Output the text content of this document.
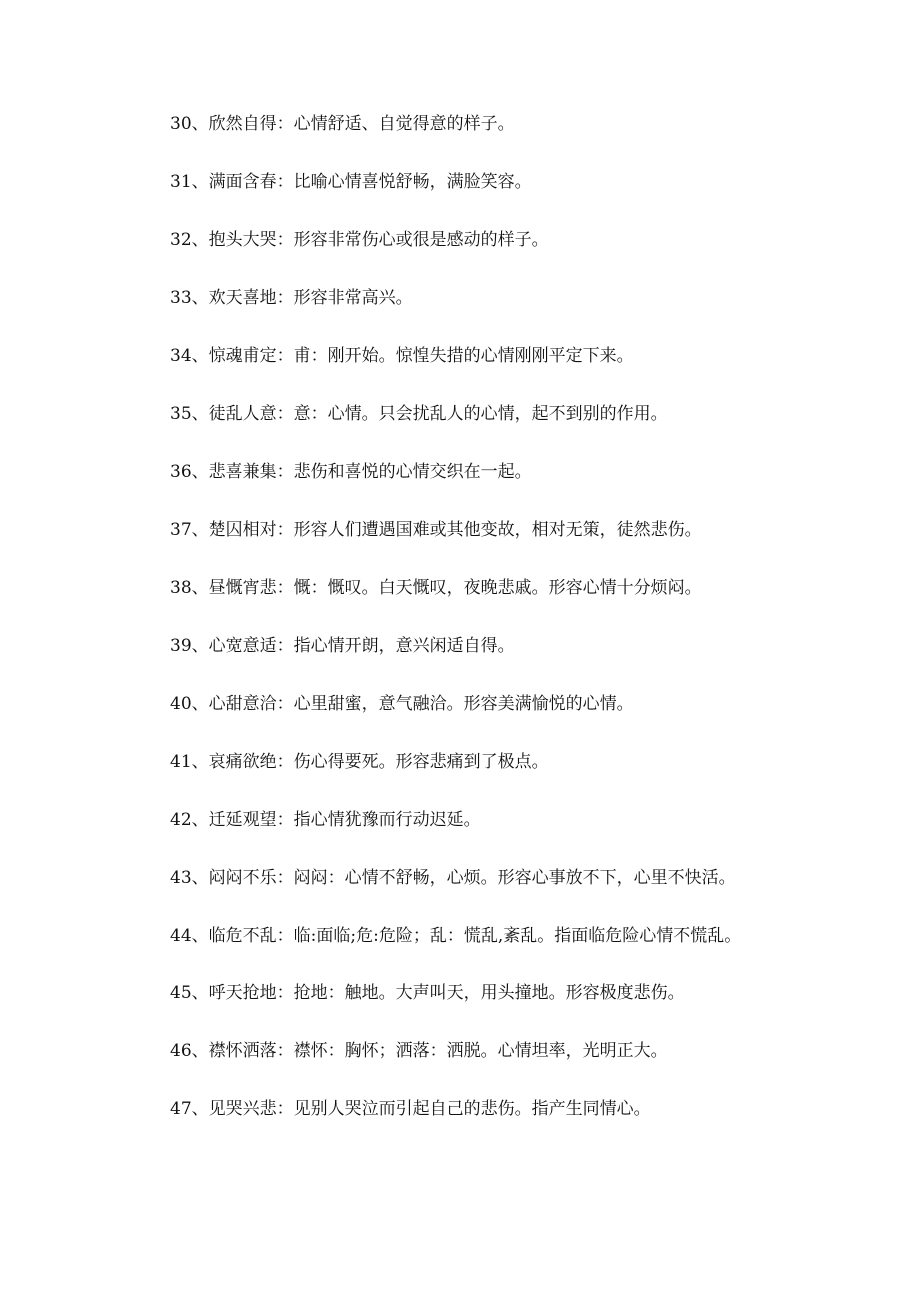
30、欣然自得：心情舒适、自觉得意的样子。
31、满面含春：比喻心情喜悦舒畅，满脸笑容。
32、抱头大哭：形容非常伤心或很是感动的样子。
33、欢天喜地：形容非常高兴。
34、惊魂甫定：甫：刚开始。惊惶失措的心情刚刚平定下来。
35、徒乱人意：意：心情。只会扰乱人的心情，起不到别的作用。
36、悲喜兼集：悲伤和喜悦的心情交织在一起。
37、楚囚相对：形容人们遭遇国难或其他变故，相对无策，徒然悲伤。
38、昼慨宵悲：慨：慨叹。白天慨叹，夜晚悲戚。形容心情十分烦闷。
39、心宽意适：指心情开朗，意兴闲适自得。
40、心甜意洽：心里甜蜜，意气融洽。形容美满愉悦的心情。
41、哀痛欲绝：伤心得要死。形容悲痛到了极点。
42、迁延观望：指心情犹豫而行动迟延。
43、闷闷不乐：闷闷：心情不舒畅，心烦。形容心事放不下，心里不快活。
44、临危不乱：临:面临;危:危险；乱：慌乱,紊乱。指面临危险心情不慌乱。
45、呼天抢地：抢地：触地。大声叫天，用头撞地。形容极度悲伤。
46、襟怀洒落：襟怀：胸怀；洒落：洒脱。心情坦率，光明正大。
47、见哭兴悲：见别人哭泣而引起自己的悲伤。指产生同情心。
